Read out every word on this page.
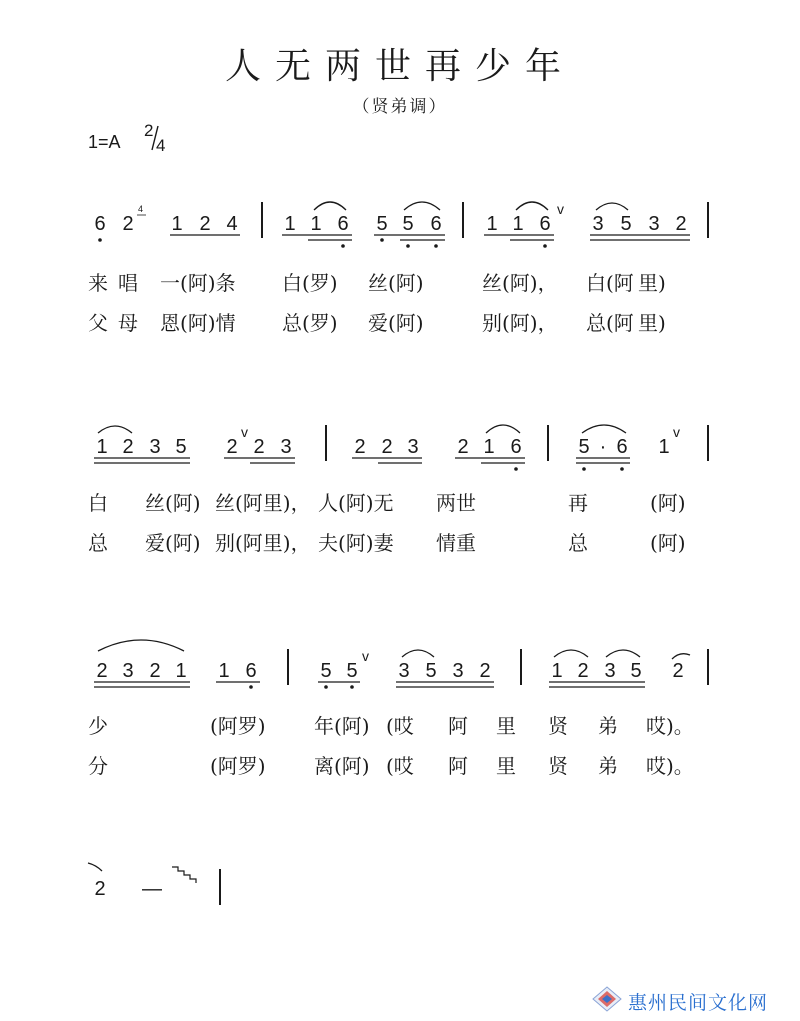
人无两世再少年
（贤弟调）
1=A
2
4
6 2
4
1 2 4 1 1 6 5 5 6 1 1 6
v
3 5 3 2
1 2 3 5 2
v
2 3	2 2 3 2 1 6	5 · 6 1
v
2 3 2 1 1 6	5 5
v
3 5 3 2	1 2 3 5 2
2 —
来 唱 一(阿)条 白(罗) 丝(阿)	丝(阿)， 白(阿 里)
父 母 恩(阿)情 总(罗) 爱(阿)	别(阿)， 总(阿 里)
白 丝(阿) 丝(阿里)， 人(阿)无 两世	再	(阿)
总 爱(阿) 别(阿里)， 夫(阿)妻 情重	总	(阿)
少	(阿罗) 年(阿) (哎 阿 里 贤 弟 哎)。
分	(阿罗) 离(阿) (哎 阿 里 贤 弟 哎)。
惠州民间文化网
